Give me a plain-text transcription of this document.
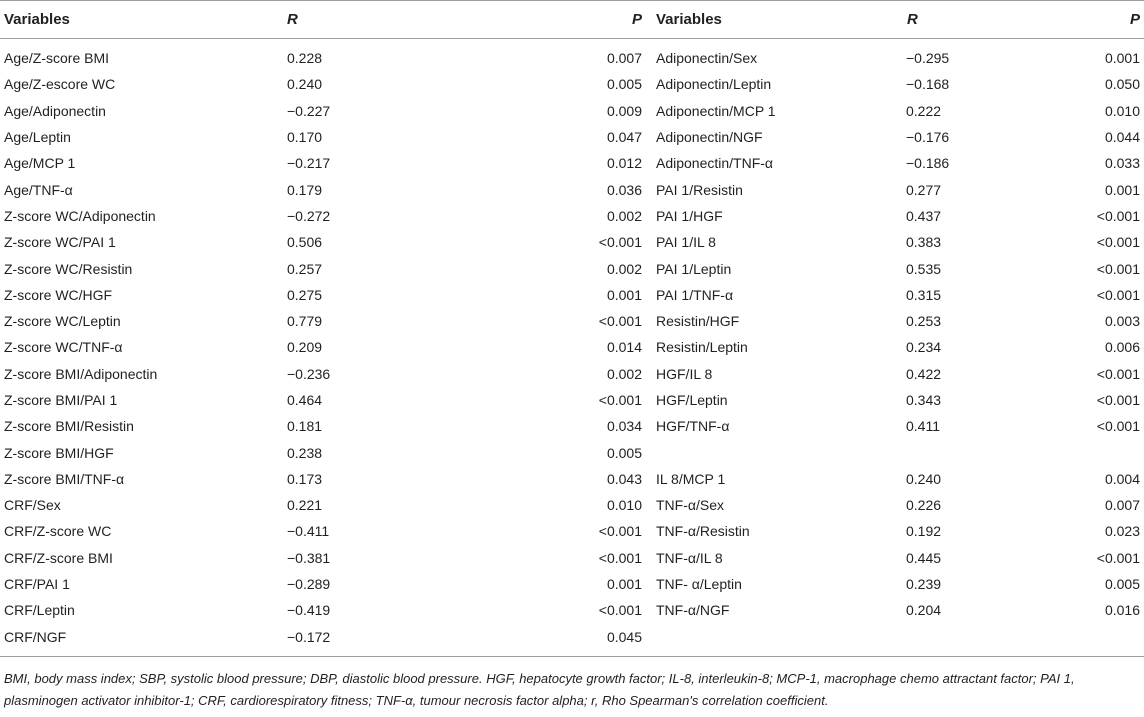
Variables	R	P	Variables	R	P
Age/Z-score BMI	0.228	0.007	Adiponectin/Sex	−0.295	0.001
Age/Z-escore WC	0.240	0.005	Adiponectin/Leptin	−0.168	0.050
Age/Adiponectin	−0.227	0.009	Adiponectin/MCP 1	0.222	0.010
Age/Leptin	0.170	0.047	Adiponectin/NGF	−0.176	0.044
Age/MCP 1	−0.217	0.012	Adiponectin/TNF-α	−0.186	0.033
Age/TNF-α	0.179	0.036	PAI 1/Resistin	0.277	0.001
Z-score WC/Adiponectin	−0.272	0.002	PAI 1/HGF	0.437	<0.001
Z-score WC/PAI 1	0.506	<0.001	PAI 1/IL 8	0.383	<0.001
Z-score WC/Resistin	0.257	0.002	PAI 1/Leptin	0.535	<0.001
Z-score WC/HGF	0.275	0.001	PAI 1/TNF-α	0.315	<0.001
Z-score WC/Leptin	0.779	<0.001	Resistin/HGF	0.253	0.003
Z-score WC/TNF-α	0.209	0.014	Resistin/Leptin	0.234	0.006
Z-score BMI/Adiponectin	−0.236	0.002	HGF/IL 8	0.422	<0.001
Z-score BMI/PAI 1	0.464	<0.001	HGF/Leptin	0.343	<0.001
Z-score BMI/Resistin	0.181	0.034	HGF/TNF-α	0.411	<0.001
Z-score BMI/HGF	0.238	0.005			
Z-score BMI/TNF-α	0.173	0.043	IL 8/MCP 1	0.240	0.004
CRF/Sex	0.221	0.010	TNF-α/Sex	0.226	0.007
CRF/Z-score WC	−0.411	<0.001	TNF-α/Resistin	0.192	0.023
CRF/Z-score BMI	−0.381	<0.001	TNF-α/IL 8	0.445	<0.001
CRF/PAI 1	−0.289	0.001	TNF- α/Leptin	0.239	0.005
CRF/Leptin	−0.419	<0.001	TNF-α/NGF	0.204	0.016
CRF/NGF	−0.172	0.045			
BMI, body mass index; SBP, systolic blood pressure; DBP, diastolic blood pressure. HGF, hepatocyte growth factor; IL-8, interleukin-8; MCP-1, macrophage chemo attractant factor; PAI 1, plasminogen activator inhibitor-1; CRF, cardiorespiratory fitness; TNF-α, tumour necrosis factor alpha; r, Rho Spearman's correlation coefficient.
